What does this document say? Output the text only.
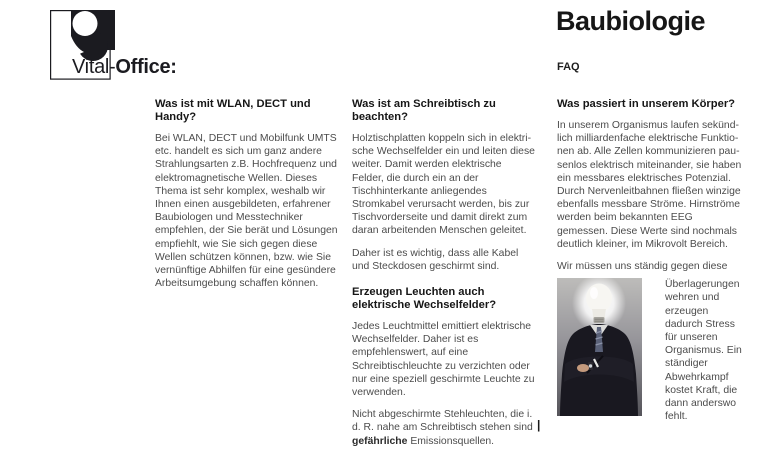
Vital-Office:
Baubiologie
FAQ
Was ist mit WLAN, DECT und Handy?

Bei WLAN, DECT und Mobilfunk UMTS etc. handelt es sich um ganz andere Strahlungsarten z.B. Hochfrequenz und elektromagnetische Wellen. Dieses Thema ist sehr komplex, weshalb wir Ihnen einen ausgebildeten, erfahrener Baubiologen und Messtechniker empfehlen, der Sie berät und Lösungen empfiehlt, wie Sie sich gegen diese Wellen schützen können, bzw. wie Sie vernünftige Abhilfen für eine gesündere Arbeitsumgebung schaffen können.

Was ist am Schreibtisch zu beachten?

Holztischplatten koppeln sich in elektrische Wechselfelder ein und leiten diese weiter. Damit werden elektrische Felder, die durch ein an der Tischhinterkante anliegendes Stromkabel verursacht werden, bis zur Tischvorderseite und damit direkt zum daran arbeitenden Menschen geleitet.

Daher ist es wichtig, dass alle Kabel und Steckdosen geschirmt sind.

Erzeugen Leuchten auch elektrische Wechselfelder?

Jedes Leuchtmittel emittiert elektrische Wechselfelder. Daher ist es empfehlenswert, auf eine Schreibtischleuchte zu verzichten oder nur eine speziell geschirmte Leuchte zu verwenden.

Nicht abgeschirmte Stehleuchten, die i. d. R. nahe am Schreibtisch stehen sind gefährliche Emissionsquellen.

Was passiert in unserem Körper?

In unserem Organismus laufen sekündlich milliardenfache elektrische Funktionen ab. Alle Zellen kommunizieren pausenlos elektrisch miteinander, sie haben ein messbares elektrisches Potenzial. Durch Nervenleitbahnen fließen winzige ebenfalls messbare Ströme. Hirnströme werden beim bekannten EEG gemessen. Diese Werte sind nochmals deutlich kleiner, im Mikrovolt Bereich.

Wir müssen uns ständig gegen diese

Überlagerungen wehren und erzeugen dadurch Stress für unseren Organismus. Ein ständiger Abwehrkampf kostet Kraft, die dann anderswo fehlt.

|
